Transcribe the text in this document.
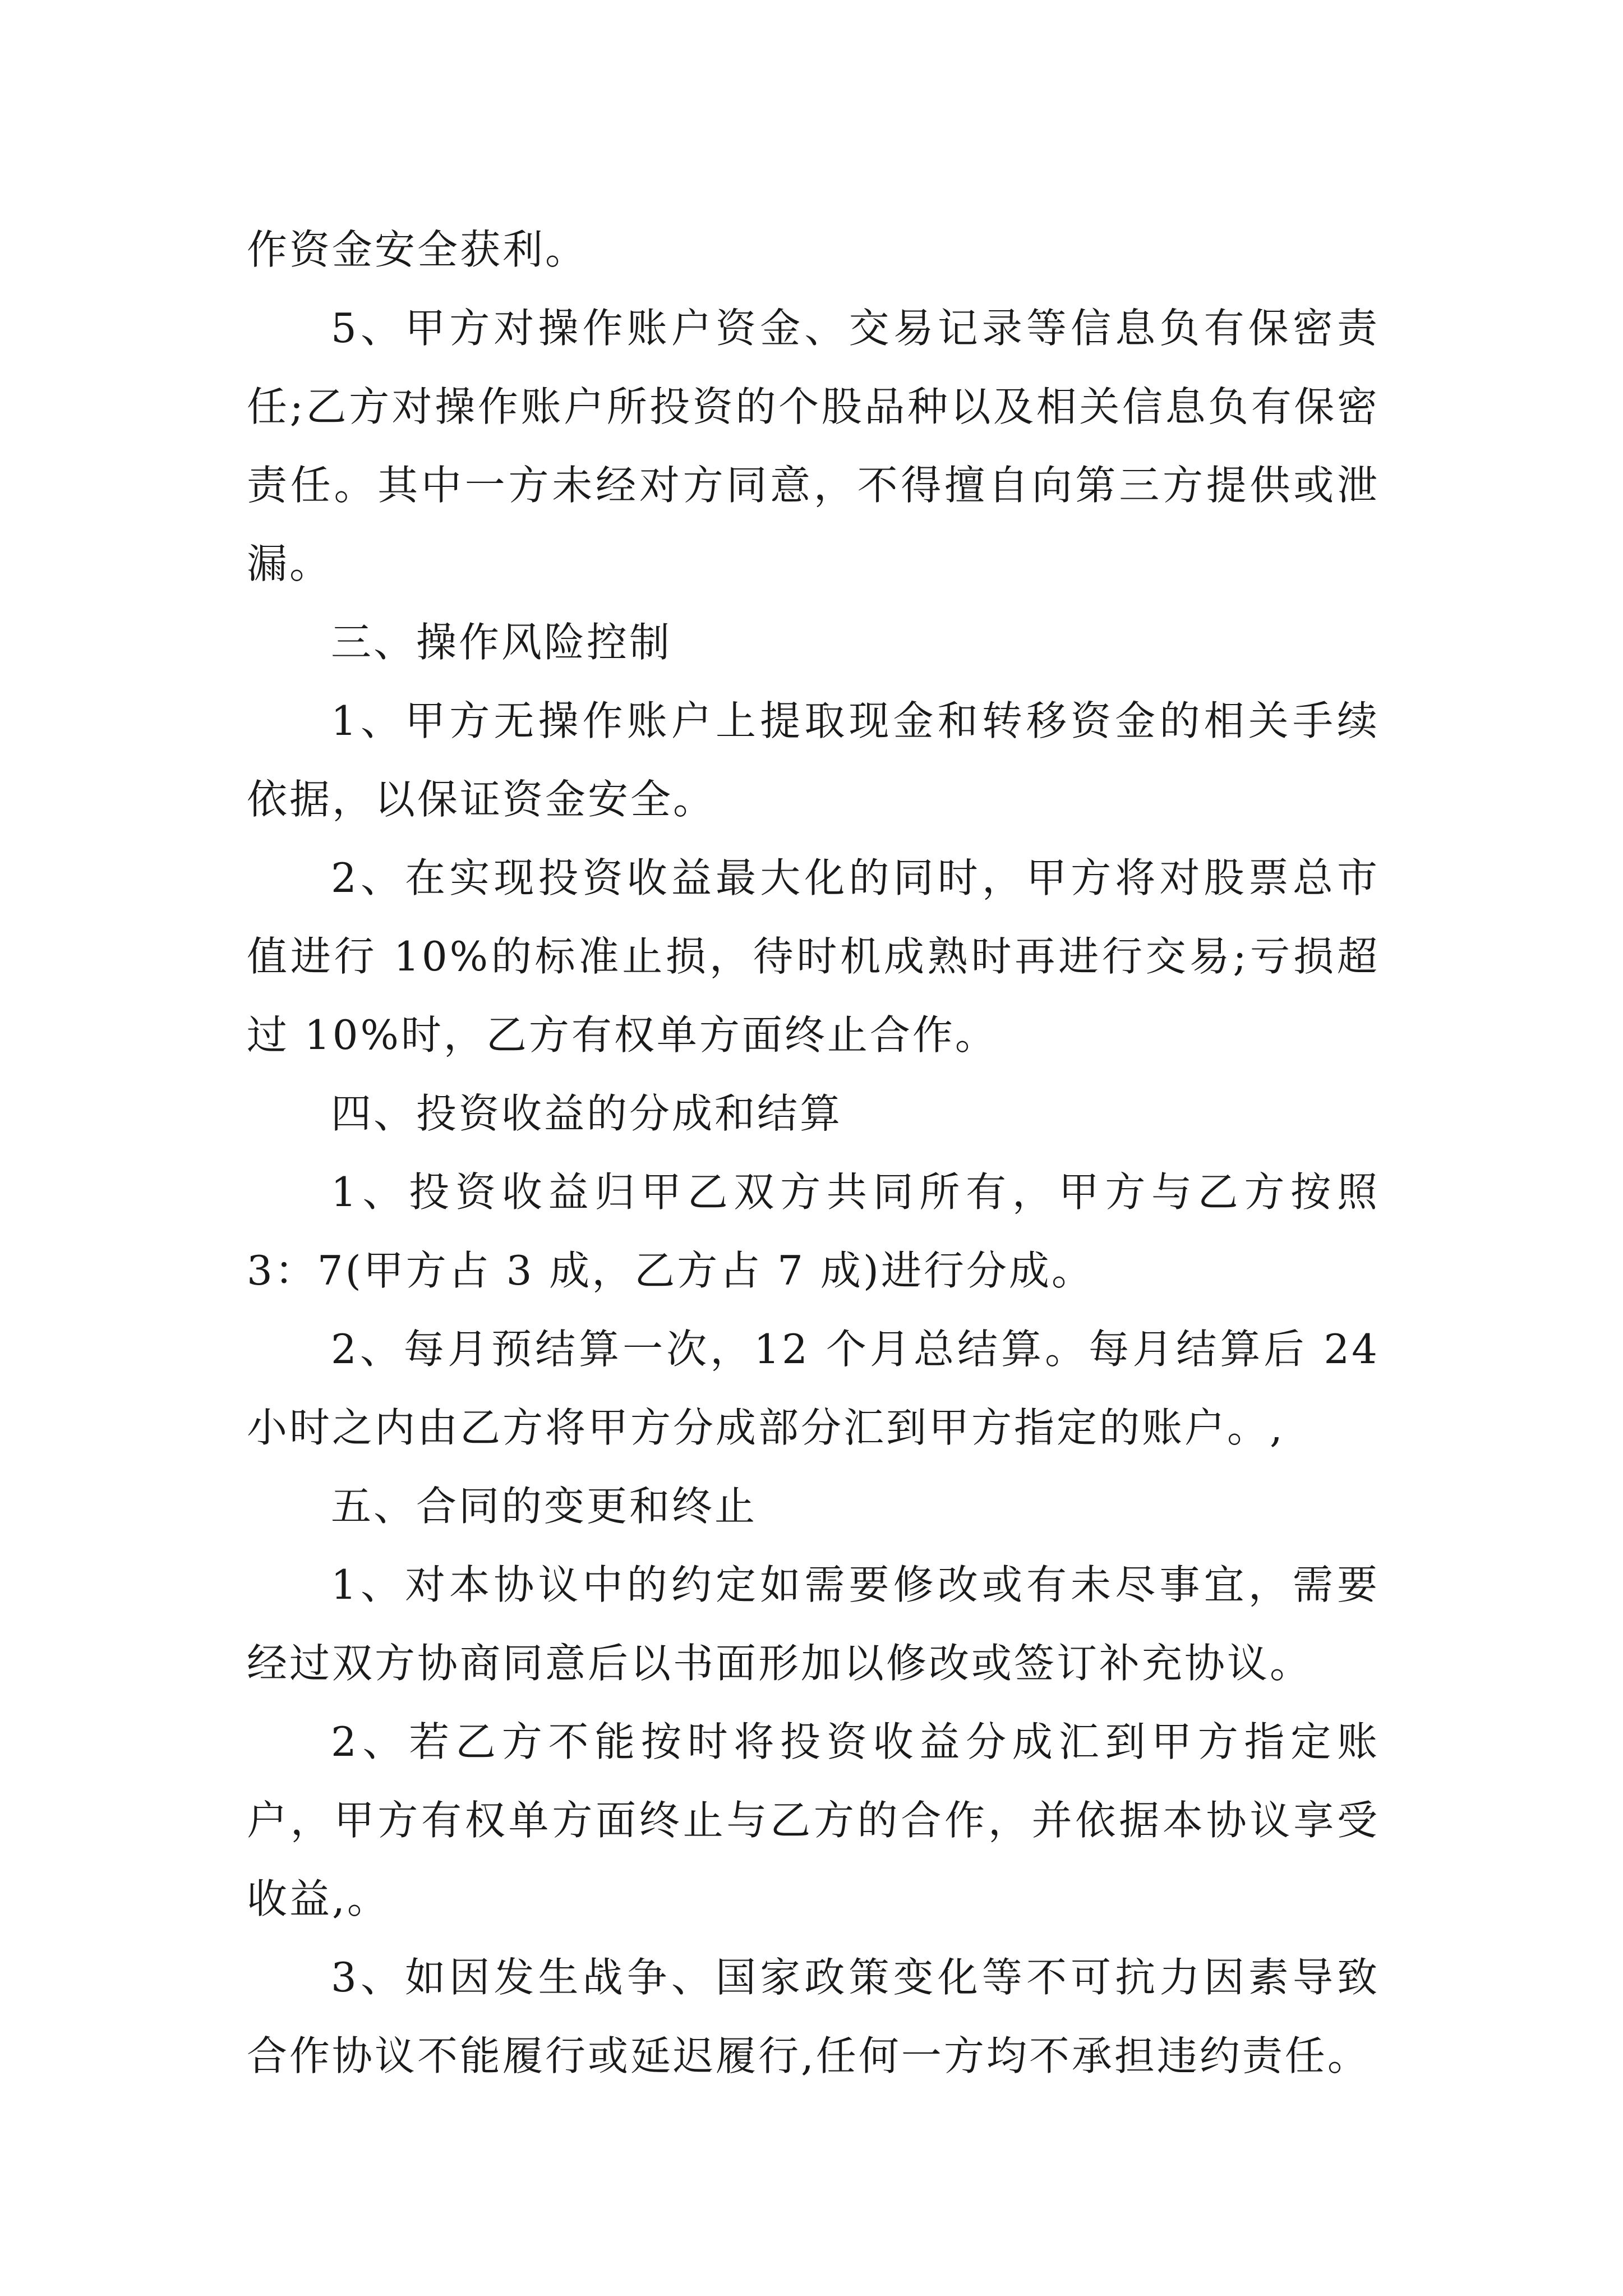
作资金安全获利。

5、甲方对操作账户资金、交易记录等信息负有保密责任;乙方对操作账户所投资的个股品种以及相关信息负有保密责任。其中一方未经对方同意，不得擅自向第三方提供或泄漏。

三、操作风险控制

1、甲方无操作账户上提取现金和转移资金的相关手续依据，以保证资金安全。

2、在实现投资收益最大化的同时，甲方将对股票总市值进行 10%的标准止损，待时机成熟时再进行交易;亏损超过 10%时，乙方有权单方面终止合作。

四、投资收益的分成和结算

1、投资收益归甲乙双方共同所有，甲方与乙方按照 3：7(甲方占 3 成，乙方占 7 成)进行分成。

2、每月预结算一次，12 个月总结算。每月结算后 24 小时之内由乙方将甲方分成部分汇到甲方指定的账户。,

五、合同的变更和终止

1、对本协议中的约定如需要修改或有未尽事宜，需要经过双方协商同意后以书面形加以修改或签订补充协议。

2、若乙方不能按时将投资收益分成汇到甲方指定账户，甲方有权单方面终止与乙方的合作，并依据本协议享受收益,。

3、如因发生战争、国家政策变化等不可抗力因素导致合作协议不能履行或延迟履行,任何一方均不承担违约责任。
